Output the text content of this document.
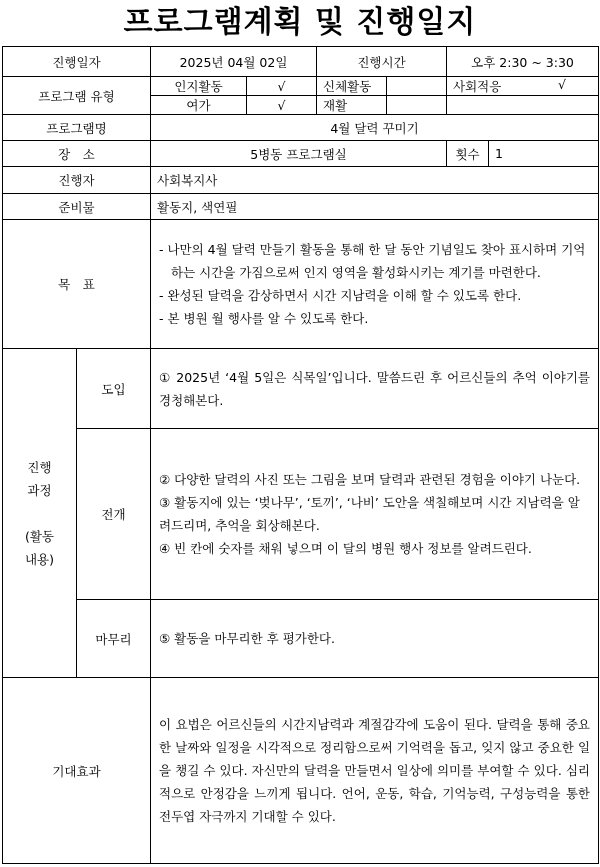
프로그램계획 및 진행일지
진행일자		2025년 04월 02일		진행시간		오후 2:30 ~ 3:30	
프로그램 유형		인지활동	√	신체활동		사회적응 √	

		여가	√	재활			
프로그램명		4월 달력 꾸미기					
장　소		5병동 프로그램실				횟수	1
진행자		사회복지사					
준비물		활동지, 색연필					
목　표		- 나만의 4월 달력 만들기 활동을 통해 한 달 동안 기념일도 찾아 표시하며 기억하는 시간을 가짐으로써 인지 영역을 활성화시키는 계기를 마련한다.

- 완성된 달력을 감상하면서 시간 지남력을 이해 할 수 있도록 한다.

- 본 병원 월 행사를 알 수 있도록 한다.					

진행
과정
(활동
내용)	도입	① 2025년 ‘4월 5일은 식목일’입니다. 말씀드린 후 어르신들의 추억 이야기를 경청해본다.					

	전개	② 다양한 달력의 사진 또는 그림을 보며 달력과 관련된 경험을 이야기 나눈다.

③ 활동지에 있는 ‘벚나무’, ‘토끼’, ‘나비’ 도안을 색칠해보며 시간 지남력을 알려드리며, 추억을 회상해본다.

④ 빈 칸에 숫자를 채워 넣으며 이 달의 병원 행사 정보를 알려드린다.					

	마무리	⑤ 활동을 마무리한 후 평가한다.					

기대효과		이 요법은 어르신들의 시간지남력과 계절감각에 도움이 된다. 달력을 통해 중요한 날짜와 일정을 시각적으로 정리함으로써 기억력을 돕고, 잊지 않고 중요한 일을 챙길 수 있다. 자신만의 달력을 만들면서 일상에 의미를 부여할 수 있다. 심리적으로 안정감을 느끼게 됩니다. 언어, 운동, 학습, 기억능력, 구성능력을 통한 전두엽 자극까지 기대할 수 있다.					
